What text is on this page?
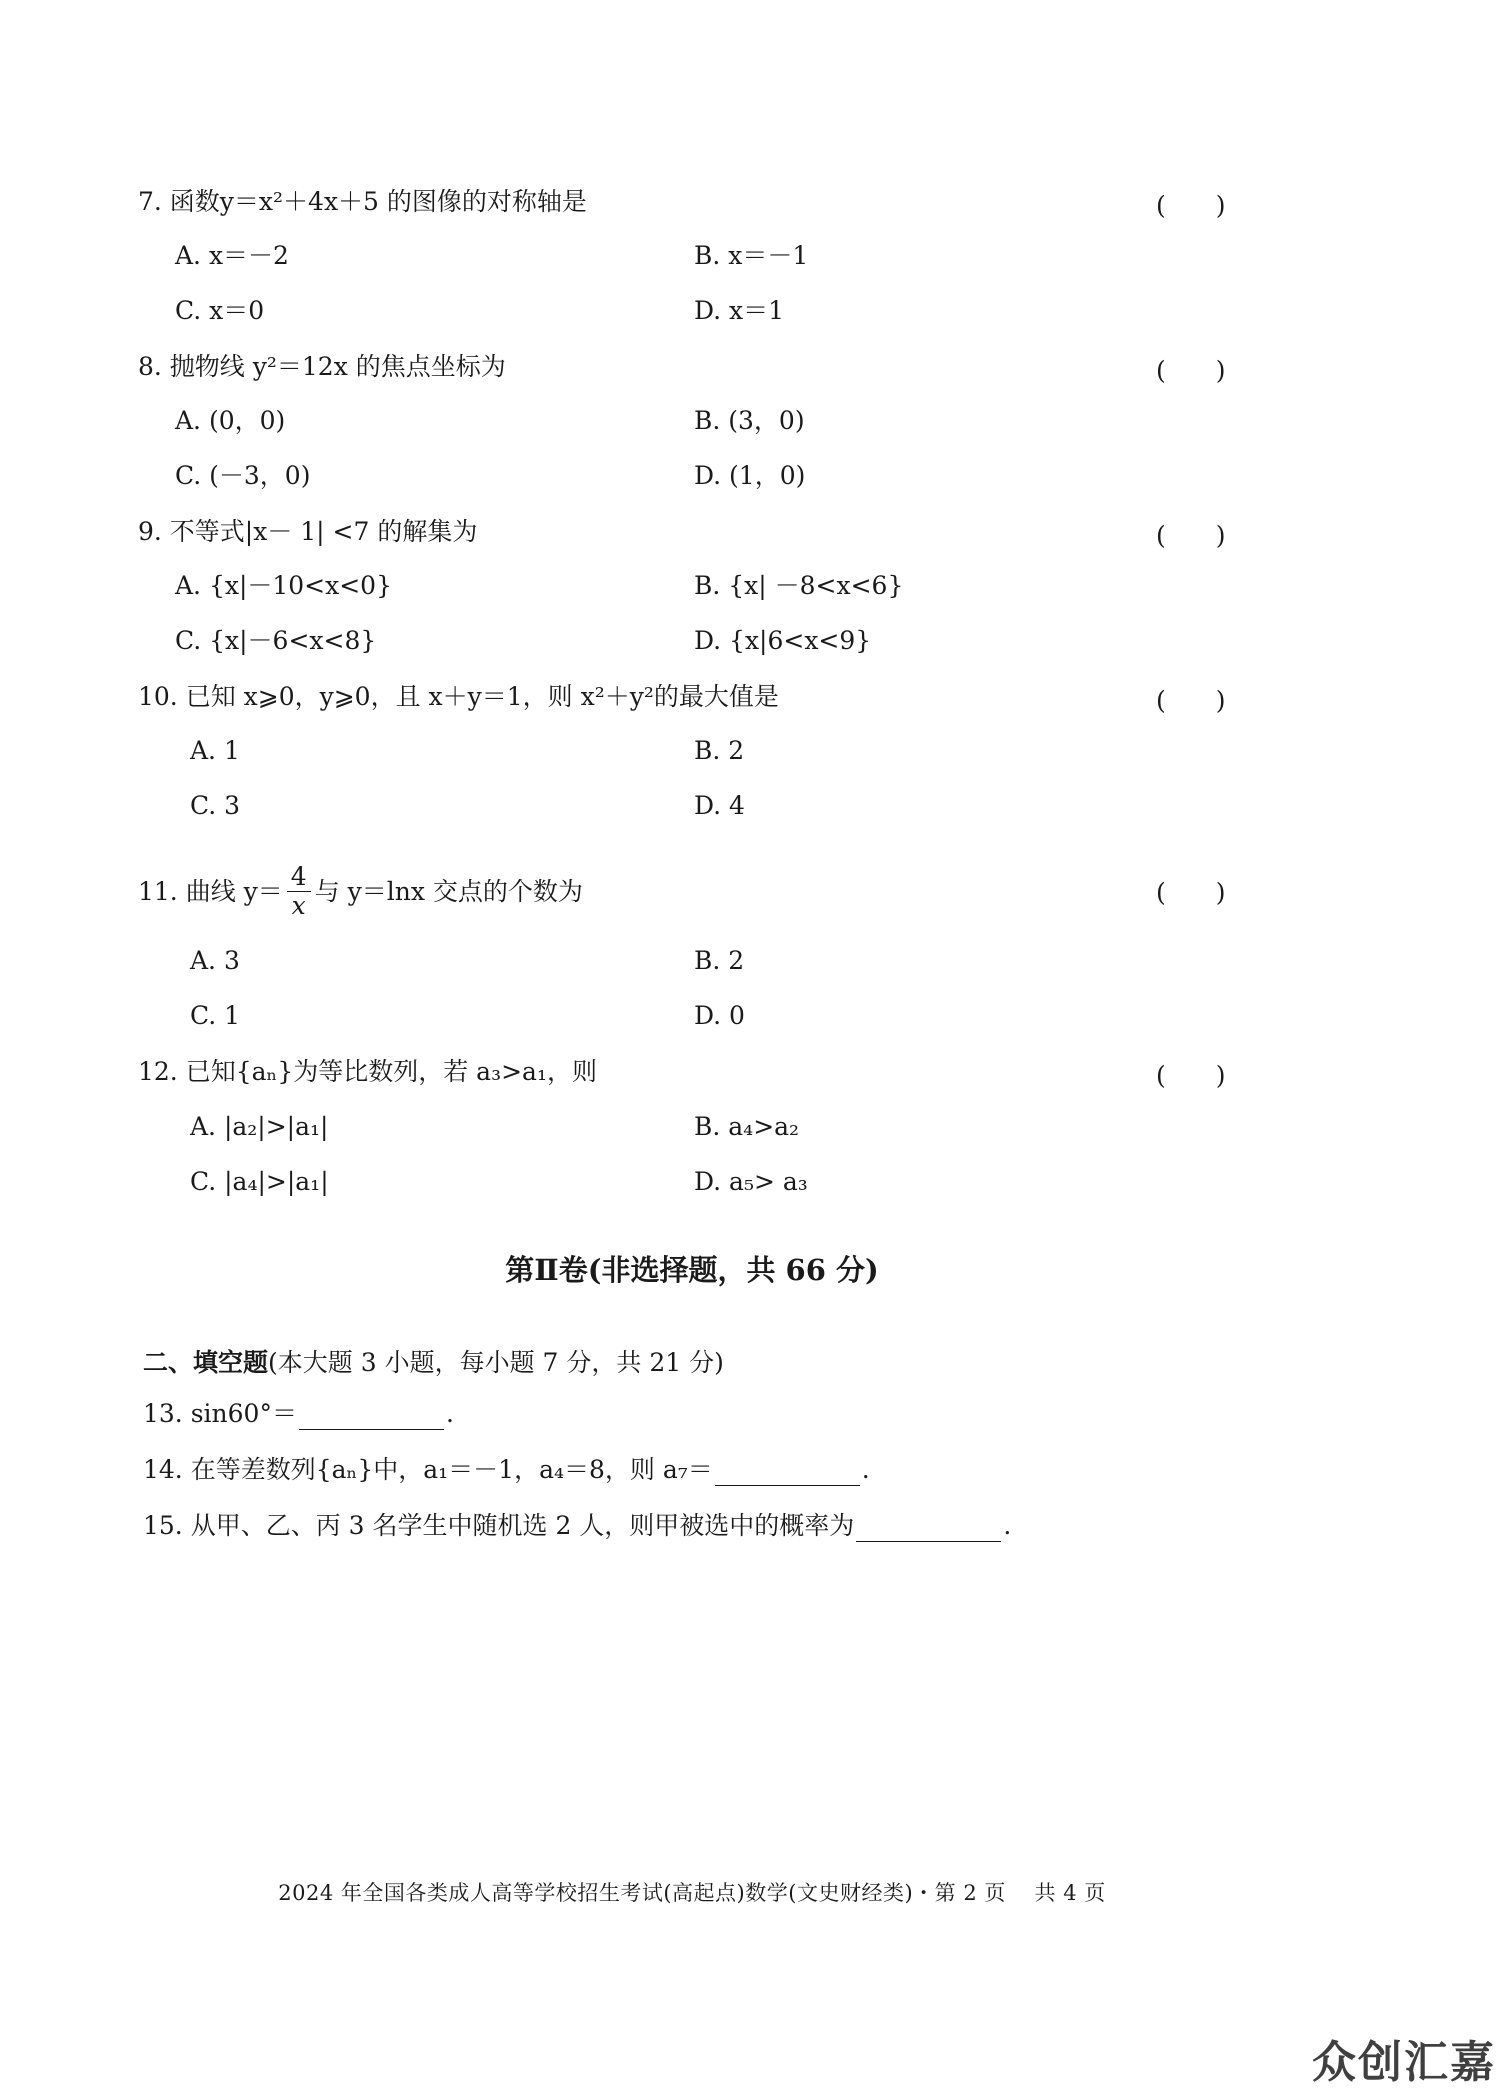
7. 函数y＝x²＋4x＋5 的图像的对称轴是	(　　)
A. x＝－2	B. x＝－1
C. x＝0	D. x＝1
8. 抛物线 y²＝12x 的焦点坐标为	(　　)
A. (0，0)	B. (3，0)
C. (－3，0)	D. (1，0)
9. 不等式|x－ 1| <7 的解集为	(　　)
A. {x|－10<x<0}	B. {x| －8<x<6}
C. {x|－6<x<8}	D. {x|6<x<9}
10. 已知 x⩾0，y⩾0，且 x＋y＝1，则 x²＋y²的最大值是	(　　)
A. 1	B. 2
C. 3	D. 4
11. 曲线 $y= \frac{4}{x}$ 与 y＝lnx 交点的个数为	(　　)
A. 3	B. 2
C. 1	D. 0
12. 已知{aₙ}为等比数列，若 a₃>a₁，则	(　　)
A. |a₂|>|a₁|	B. a₄>a₂
C. |a₄|>|a₁|	D. a₅> a₃
第Ⅱ卷(非选择题，共 66 分)
二、填空题(本大题 3 小题，每小题 7 分，共 21 分)
13. sin60°＝	.
14. 在等差数列{aₙ}中，a₁＝－1，a₄＝8，则 a₇＝	.
15. 从甲、乙、丙 3 名学生中随机选 2 人，则甲被选中的概率为	.
2024 年全国各类成人高等学校招生考试(高起点)数学(文史财经类)・第 2 页　 共 4 页
众创汇嘉
